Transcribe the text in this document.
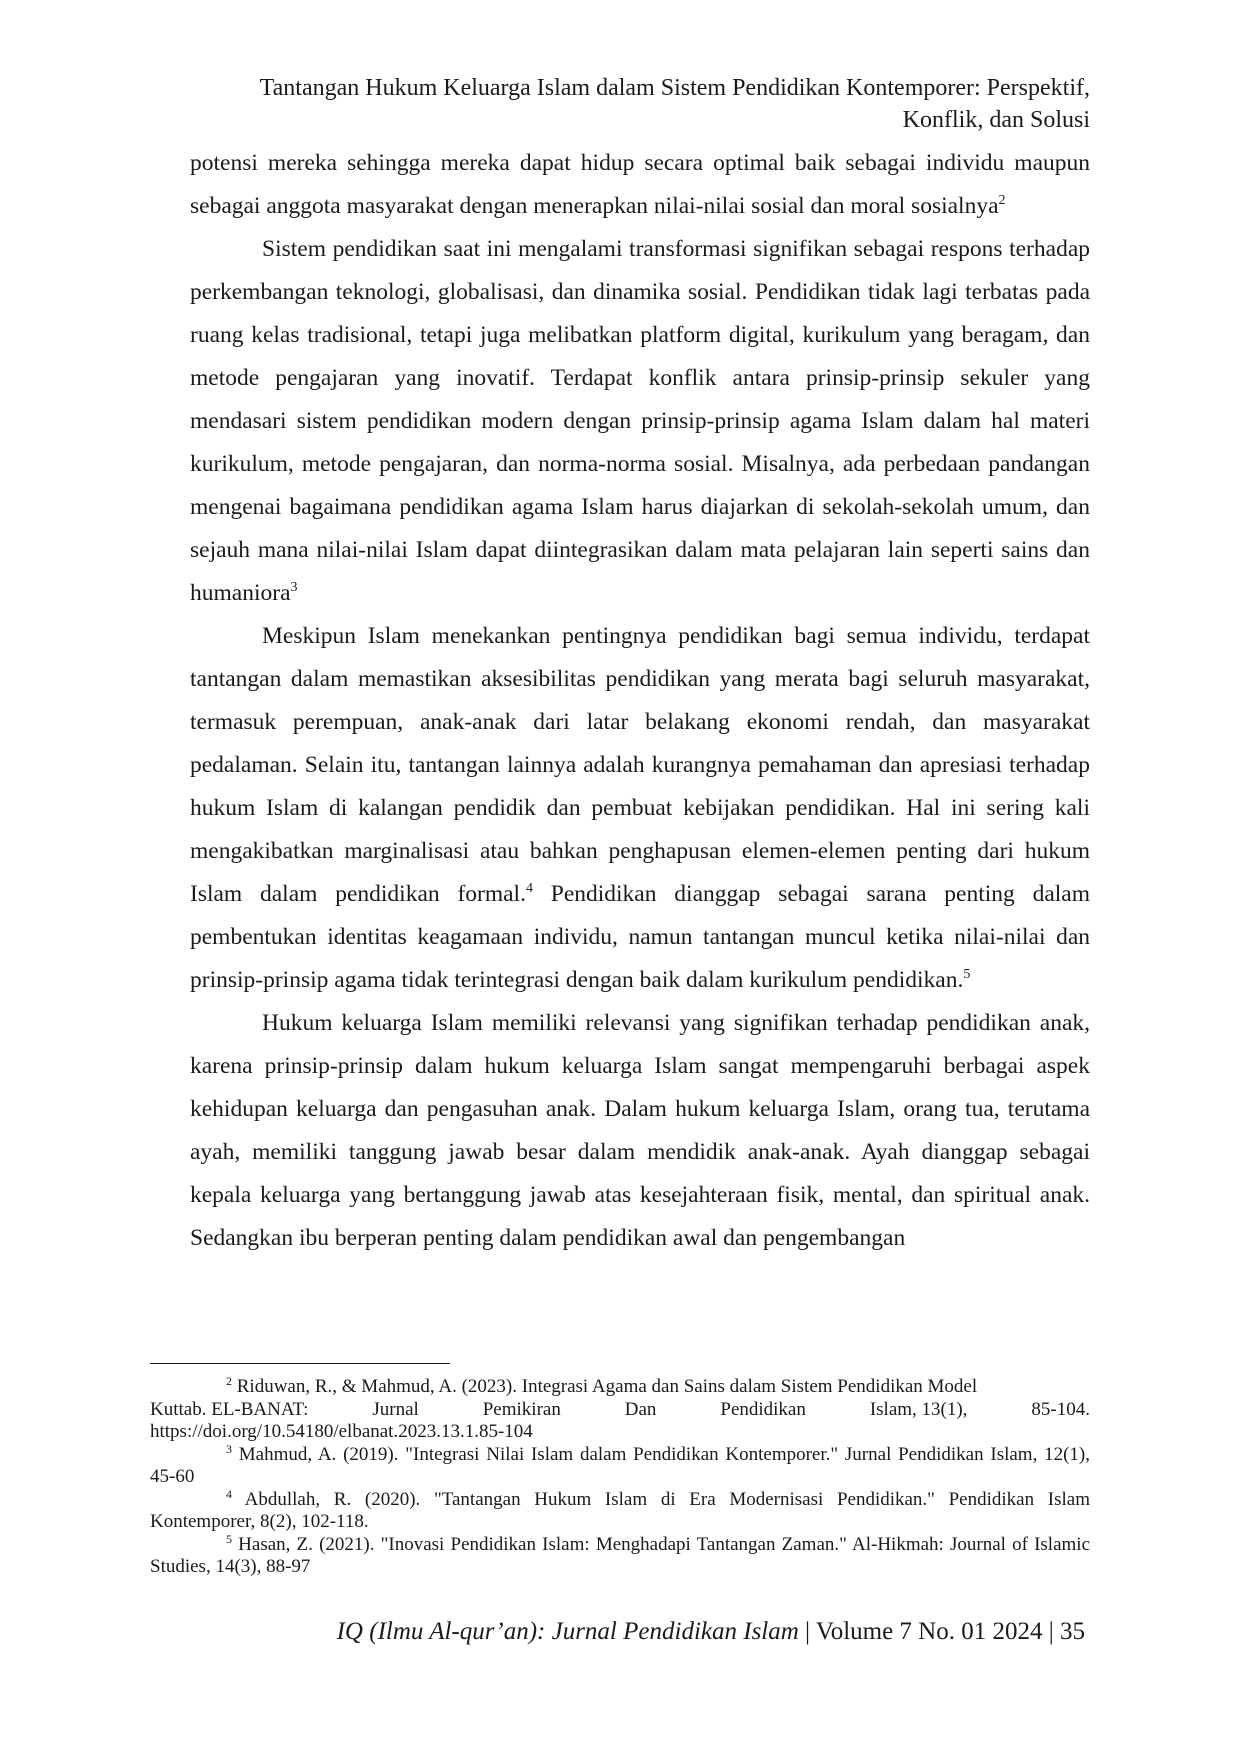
Tantangan Hukum Keluarga Islam dalam Sistem Pendidikan Kontemporer: Perspektif,
Konflik, dan Solusi

potensi mereka sehingga mereka dapat hidup secara optimal baik sebagai individu maupun sebagai anggota masyarakat dengan menerapkan nilai-nilai sosial dan moral sosialnya$^2$

Sistem pendidikan saat ini mengalami transformasi signifikan sebagai respons terhadap perkembangan teknologi, globalisasi, dan dinamika sosial. Pendidikan tidak lagi terbatas pada ruang kelas tradisional, tetapi juga melibatkan platform digital, kurikulum yang beragam, dan metode pengajaran yang inovatif. Terdapat konflik antara prinsip-prinsip sekuler yang mendasari sistem pendidikan modern dengan prinsip-prinsip agama Islam dalam hal materi kurikulum, metode pengajaran, dan norma-norma sosial. Misalnya, ada perbedaan pandangan mengenai bagaimana pendidikan agama Islam harus diajarkan di sekolah-sekolah umum, dan sejauh mana nilai-nilai Islam dapat diintegrasikan dalam mata pelajaran lain seperti sains dan humaniora$^3$

Meskipun Islam menekankan pentingnya pendidikan bagi semua individu, terdapat tantangan dalam memastikan aksesibilitas pendidikan yang merata bagi seluruh masyarakat, termasuk perempuan, anak-anak dari latar belakang ekonomi rendah, dan masyarakat pedalaman. Selain itu, tantangan lainnya adalah kurangnya pemahaman dan apresiasi terhadap hukum Islam di kalangan pendidik dan pembuat kebijakan pendidikan. Hal ini sering kali mengakibatkan marginalisasi atau bahkan penghapusan elemen-elemen penting dari hukum Islam dalam pendidikan formal.$^4$ Pendidikan dianggap sebagai sarana penting dalam pembentukan identitas keagamaan individu, namun tantangan muncul ketika nilai-nilai dan prinsip-prinsip agama tidak terintegrasi dengan baik dalam kurikulum pendidikan.$^5$

Hukum keluarga Islam memiliki relevansi yang signifikan terhadap pendidikan anak, karena prinsip-prinsip dalam hukum keluarga Islam sangat mempengaruhi berbagai aspek kehidupan keluarga dan pengasuhan anak. Dalam hukum keluarga Islam, orang tua, terutama ayah, memiliki tanggung jawab besar dalam mendidik anak-anak. Ayah dianggap sebagai kepala keluarga yang bertanggung jawab atas kesejahteraan fisik, mental, dan spiritual anak. Sedangkan ibu berperan penting dalam pendidikan awal dan pengembangan

$^2$ Riduwan, R., & Mahmud, A. (2023). Integrasi Agama dan Sains dalam Sistem Pendidikan Model
Kuttab. EL-BANAT:	Jurnal	Pemikiran	Dan	Pendidikan	Islam, 13(1),	85-104.
https://doi.org/10.54180/elbanat.2023.13.1.85-104
$^3$ Mahmud, A. (2019). "Integrasi Nilai Islam dalam Pendidikan Kontemporer." Jurnal Pendidikan Islam, 12(1), 45-60
$^4$ Abdullah, R. (2020). "Tantangan Hukum Islam di Era Modernisasi Pendidikan." Pendidikan Islam Kontemporer, 8(2), 102-118.
$^5$ Hasan, Z. (2021). "Inovasi Pendidikan Islam: Menghadapi Tantangan Zaman." Al-Hikmah: Journal of Islamic Studies, 14(3), 88-97
IQ (Ilmu Al-qur’an): Jurnal Pendidikan Islam | Volume 7 No. 01 2024 | 35
